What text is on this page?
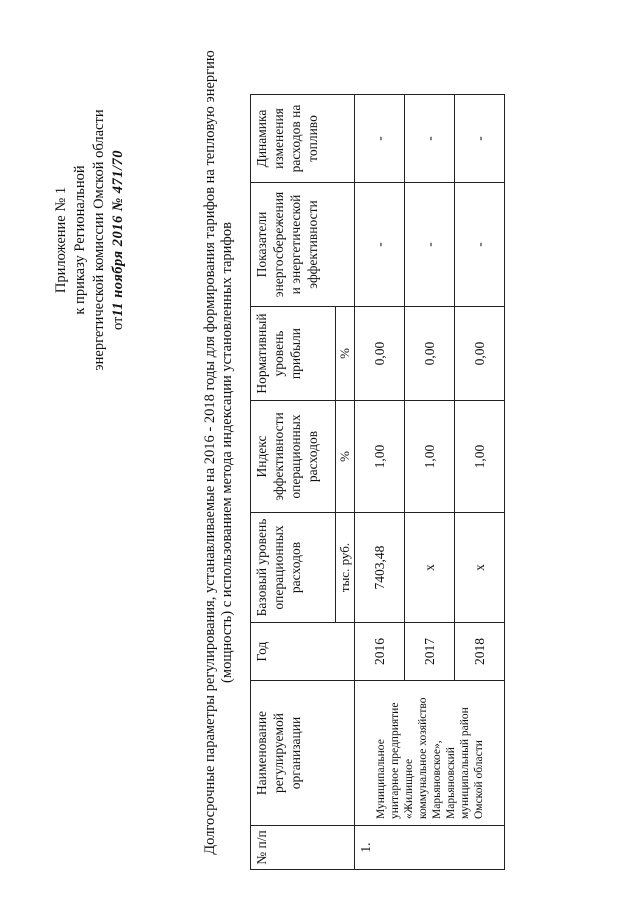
Приложение № 1 к приказу Региональной энергетической комиссии Омской области от11 ноября 2016 № 471/70	Долгосрочные параметры регулирования, устанавливаемые на 2016 - 2018 годы для формирования тарифов на тепловую энергию (мощность) с использованием метода индексации установленных тарифов
№ п/п	Наименование регулируемой организации	Год	Базовый уровень операционных расходов	Индекс эффективности операционных расходов	Нормативный уровень прибыли	Показатели энергосбережения и энергетической эффективности	Динамика изменения расходов на топливо
			тыс. руб.	%	%		
1.	Муниципальное унитарное предприятие «Жилищное коммунальное хозяйство Марьяновское», Марьяновский муниципальный район Омской области	2016	7403,48	1,00	0,00	-	-
		2017	х	1,00	0,00	-	-
		2018	х	1,00	0,00	-	-
